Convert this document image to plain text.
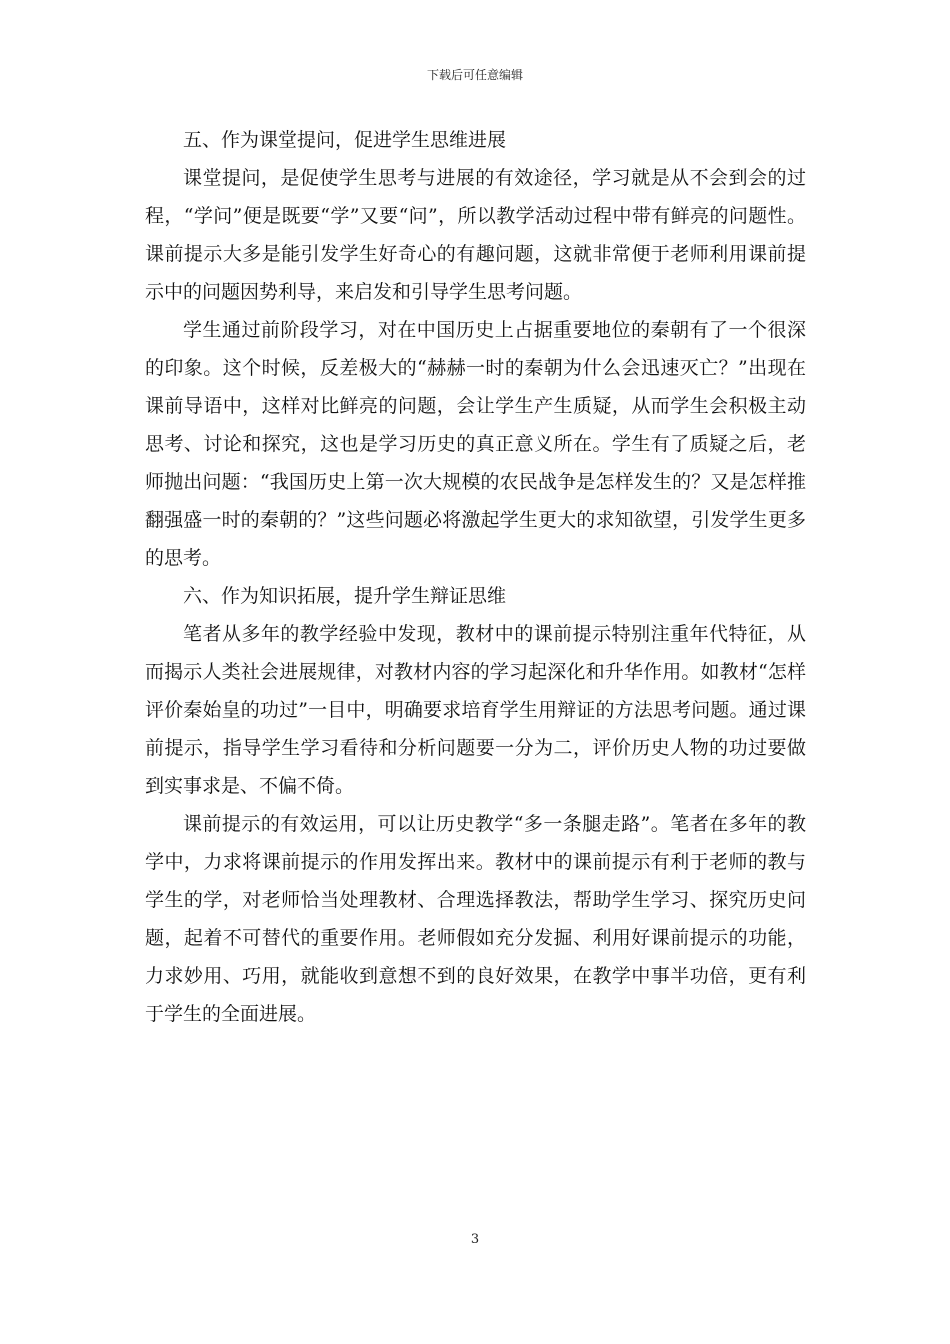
下载后可任意编辑

五、作为课堂提问，促进学生思维进展

课堂提问，是促使学生思考与进展的有效途径，学习就是从不会到会的过程，“学问”便是既要“学”又要“问”，所以教学活动过程中带有鲜亮的问题性。课前提示大多是能引发学生好奇心的有趣问题，这就非常便于老师利用课前提示中的问题因势利导，来启发和引导学生思考问题。

学生通过前阶段学习，对在中国历史上占据重要地位的秦朝有了一个很深的印象。这个时候，反差极大的“赫赫一时的秦朝为什么会迅速灭亡？”出现在课前导语中，这样对比鲜亮的问题，会让学生产生质疑，从而学生会积极主动思考、讨论和探究，这也是学习历史的真正意义所在。学生有了质疑之后，老师抛出问题：“我国历史上第一次大规模的农民战争是怎样发生的？又是怎样推翻强盛一时的秦朝的？”这些问题必将激起学生更大的求知欲望，引发学生更多的思考。

六、作为知识拓展，提升学生辩证思维

笔者从多年的教学经验中发现，教材中的课前提示特别注重年代特征，从而揭示人类社会进展规律，对教材内容的学习起深化和升华作用。如教材“怎样评价秦始皇的功过”一目中，明确要求培育学生用辩证的方法思考问题。通过课前提示，指导学生学习看待和分析问题要一分为二，评价历史人物的功过要做到实事求是、不偏不倚。

课前提示的有效运用，可以让历史教学“多一条腿走路”。笔者在多年的教学中，力求将课前提示的作用发挥出来。教材中的课前提示有利于老师的教与学生的学，对老师恰当处理教材、合理选择教法，帮助学生学习、探究历史问题，起着不可替代的重要作用。老师假如充分发掘、利用好课前提示的功能，力求妙用、巧用，就能收到意想不到的良好效果，在教学中事半功倍，更有利于学生的全面进展。

3
